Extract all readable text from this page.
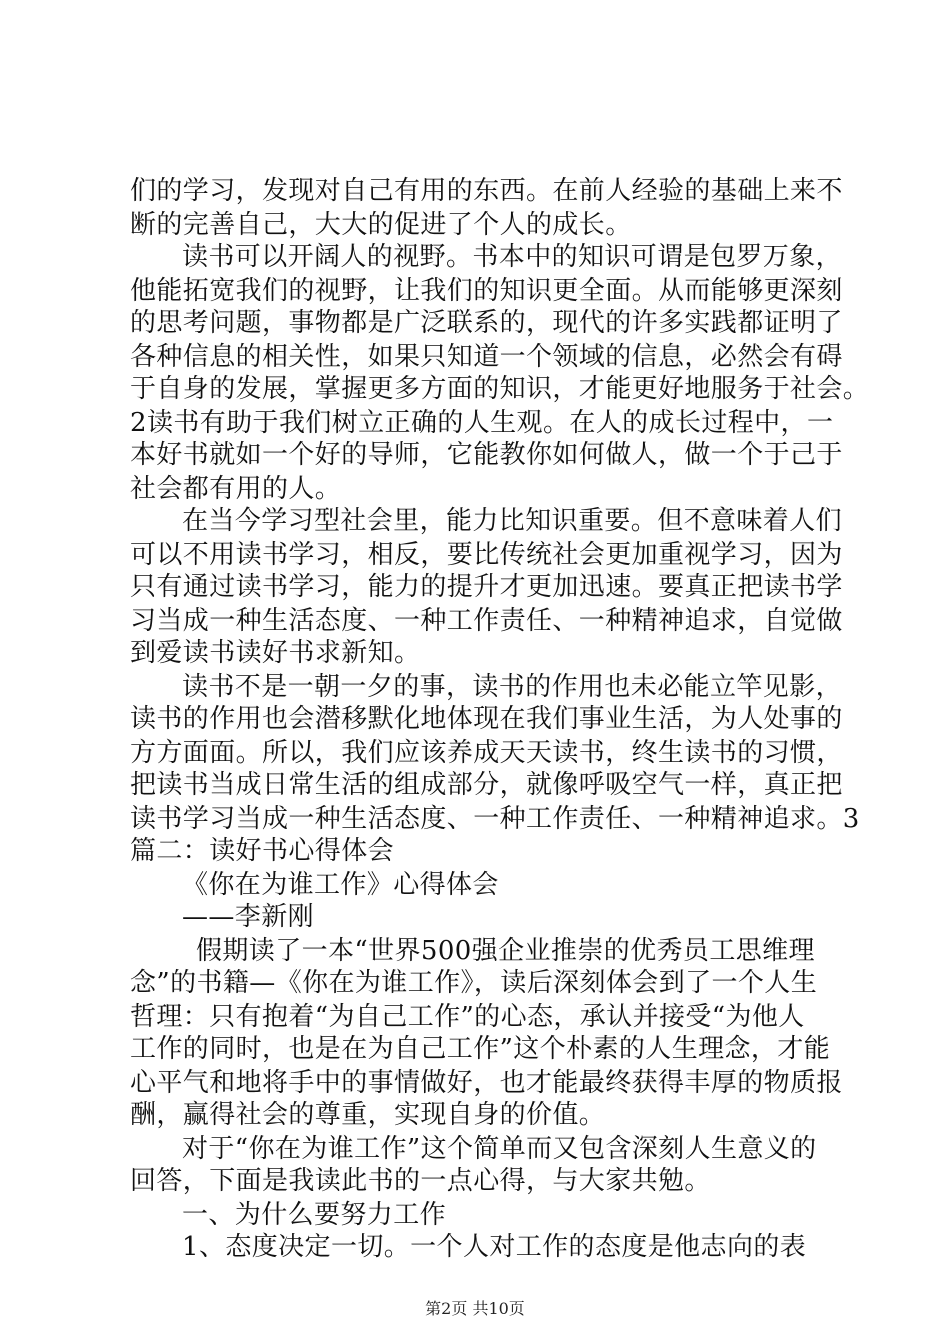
们的学习，发现对自己有用的东西。在前人经验的基础上来不
断的完善自己，大大的促进了个人的成长。
读书可以开阔人的视野。书本中的知识可谓是包罗万象，
他能拓宽我们的视野，让我们的知识更全面。从而能够更深刻
的思考问题，事物都是广泛联系的，现代的许多实践都证明了
各种信息的相关性，如果只知道一个领域的信息，必然会有碍
于自身的发展，掌握更多方面的知识，才能更好地服务于社会。
2读书有助于我们树立正确的人生观。在人的成长过程中，一
本好书就如一个好的导师，它能教你如何做人，做一个于己于
社会都有用的人。
在当今学习型社会里，能力比知识重要。但不意味着人们
可以不用读书学习，相反，要比传统社会更加重视学习，因为
只有通过读书学习，能力的提升才更加迅速。要真正把读书学
习当成一种生活态度、一种工作责任、一种精神追求，自觉做
到爱读书读好书求新知。
读书不是一朝一夕的事，读书的作用也未必能立竿见影，
读书的作用也会潜移默化地体现在我们事业生活，为人处事的
方方面面。所以，我们应该养成天天读书，终生读书的习惯，
把读书当成日常生活的组成部分，就像呼吸空气一样，真正把
读书学习当成一种生活态度、一种工作责任、一种精神追求。3
篇二：读好书心得体会
《你在为谁工作》心得体会
——李新刚
假期读了一本“世界500强企业推崇的优秀员工思维理
念”的书籍—《你在为谁工作》，读后深刻体会到了一个人生
哲理：只有抱着“为自己工作”的心态，承认并接受“为他人
工作的同时，也是在为自己工作”这个朴素的人生理念，才能
心平气和地将手中的事情做好，也才能最终获得丰厚的物质报
酬，赢得社会的尊重，实现自身的价值。
对于“你在为谁工作”这个简单而又包含深刻人生意义的
回答，下面是我读此书的一点心得，与大家共勉。
一、为什么要努力工作
1、态度决定一切。一个人对工作的态度是他志向的表
第2页 共10页
